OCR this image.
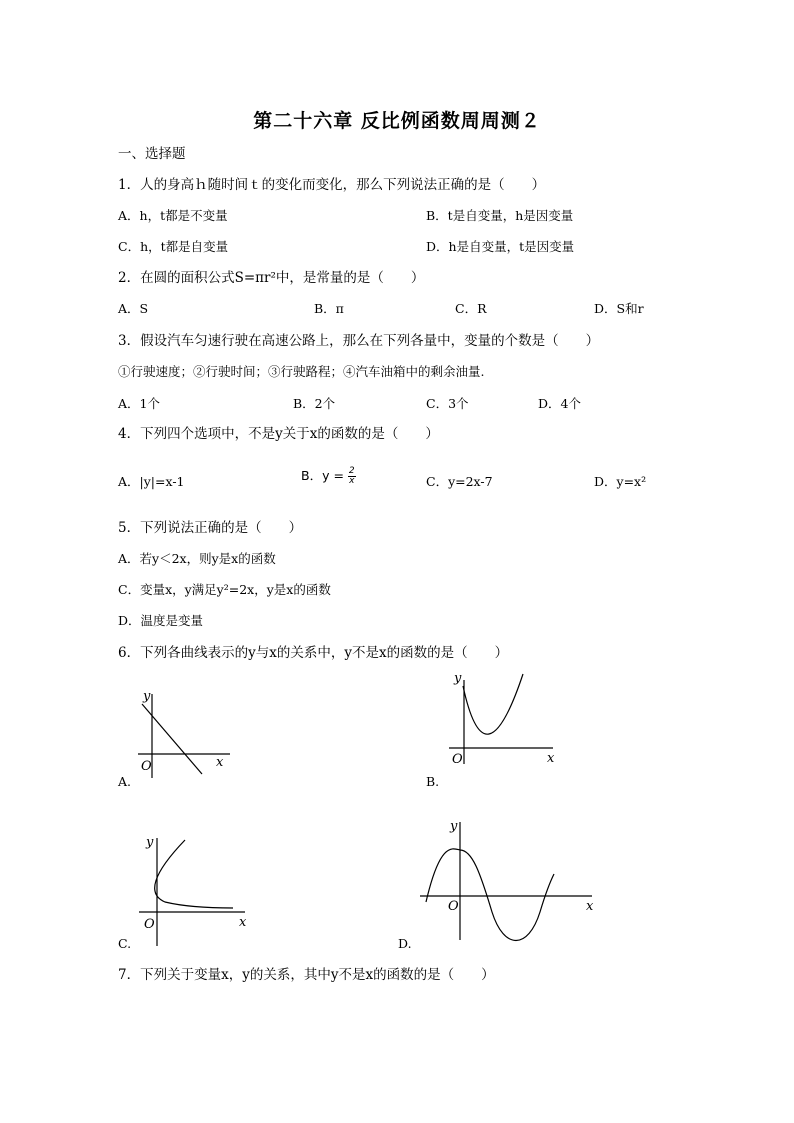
第二十六章 反比例函数周周测２
一、选择题
1．人的身高ｈ随时间ｔ的变化而变化，那么下列说法正确的是（　　）
A．h，t都是不变量	B．t是自变量，h是因变量
C．h，t都是自变量	D．h是自变量，t是因变量
2．在圆的面积公式S=πr²中，是常量的是（　　）
A．S	B．π	C．R	D．S和r
3．假设汽车匀速行驶在高速公路上，那么在下列各量中，变量的个数是（　　）
①行驶速度；②行驶时间；③行驶路程；④汽车油箱中的剩余油量.
A．1个	B．2个	C．3个	D．4个
4．下列四个选项中，不是y关于x的函数的是（　　）
A．|y|=x-1	B．$y = \frac{2}{x}$	C．y=2x-7	D．y=x²
5．下列说法正确的是（　　）
A．若y＜2x，则y是x的函数
C．变量x，y满足y²=2x，y是x的函数
D．温度是变量
6．下列各曲线表示的y与x的关系中，y不是x的函数的是（　　）
y
x
O
A.
y
x
O
B.
y
x
O
C.
y
x
O
D.
7．下列关于变量x，y的关系，其中y不是x的函数的是（　　）
